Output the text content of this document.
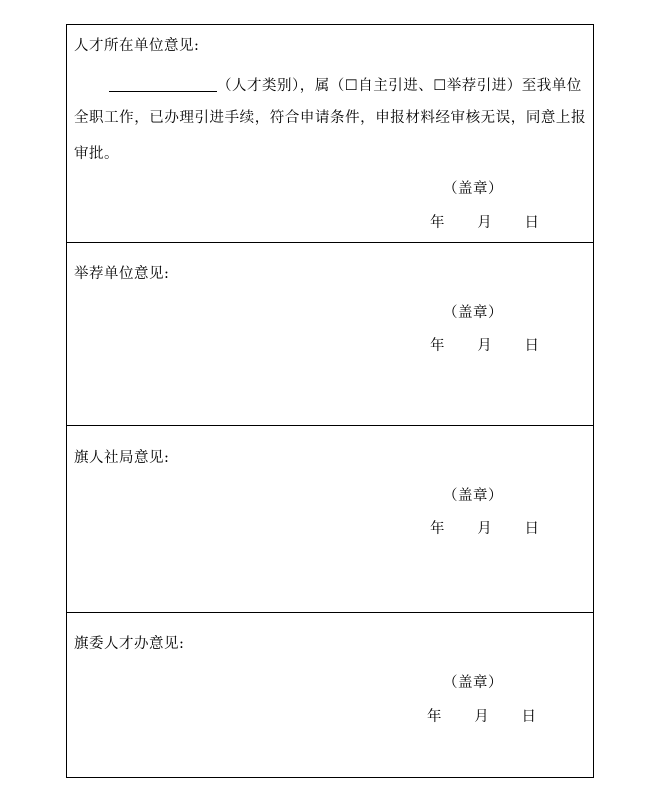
人才所在单位意见:
（人才类别），属（☐自主引进、☐举荐引进）至我单位
全职工作，已办理引进手续，符合申请条件，申报材料经审核无误，同意上报审批。
（盖章）
年 月 日
举荐单位意见:
（盖章）
年 月 日
旗人社局意见:
（盖章）
年 月 日
旗委人才办意见:
（盖章）
年 月 日
